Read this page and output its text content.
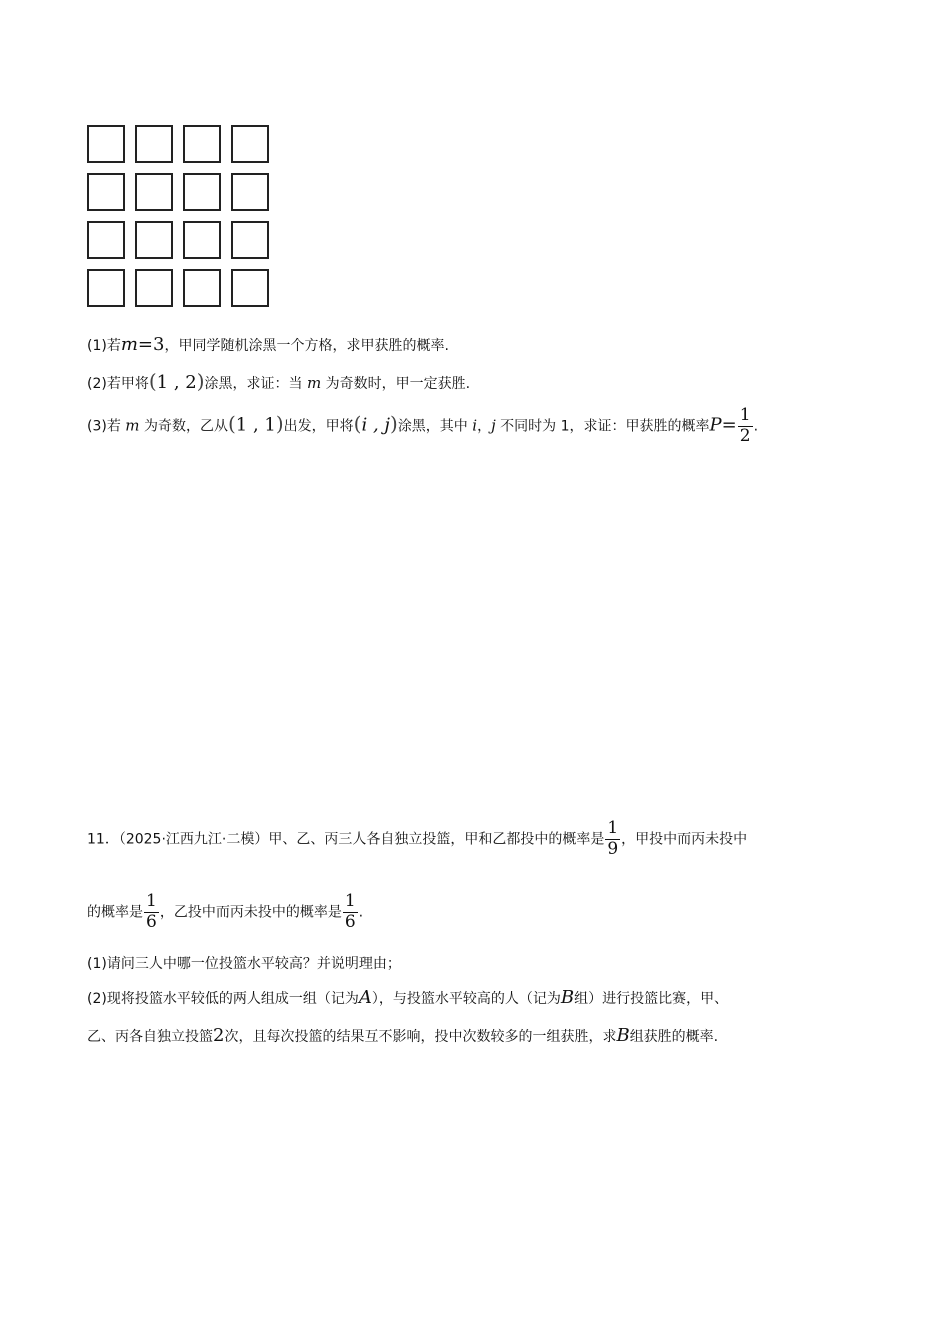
(1)若m=3，甲同学随机涂黑一个方格，求甲获胜的概率.
(2)若甲将(1 , 2)涂黑，求证：当 m 为奇数时，甲一定获胜.
(3)若 m 为奇数，乙从(1 , 1)出发，甲将(i , j)涂黑，其中 i，j 不同时为 1，求证：甲获胜的概率$P= \frac{1}{2}$ .
11．（2025·江西九江·二模）甲、乙、丙三人各自独立投篮，甲和乙都投中的概率是 $\frac{1}{9}$ ，甲投中而丙未投中
的概率是 $\frac{1}{6}$ ，乙投中而丙未投中的概率是 $\frac{1}{6}$ .
(1)请问三人中哪一位投篮水平较高？并说明理由；
(2)现将投篮水平较低的两人组成一组（记为A），与投篮水平较高的人（记为B组）进行投篮比赛，甲、
乙、丙各自独立投篮2次，且每次投篮的结果互不影响，投中次数较多的一组获胜，求B组获胜的概率.
